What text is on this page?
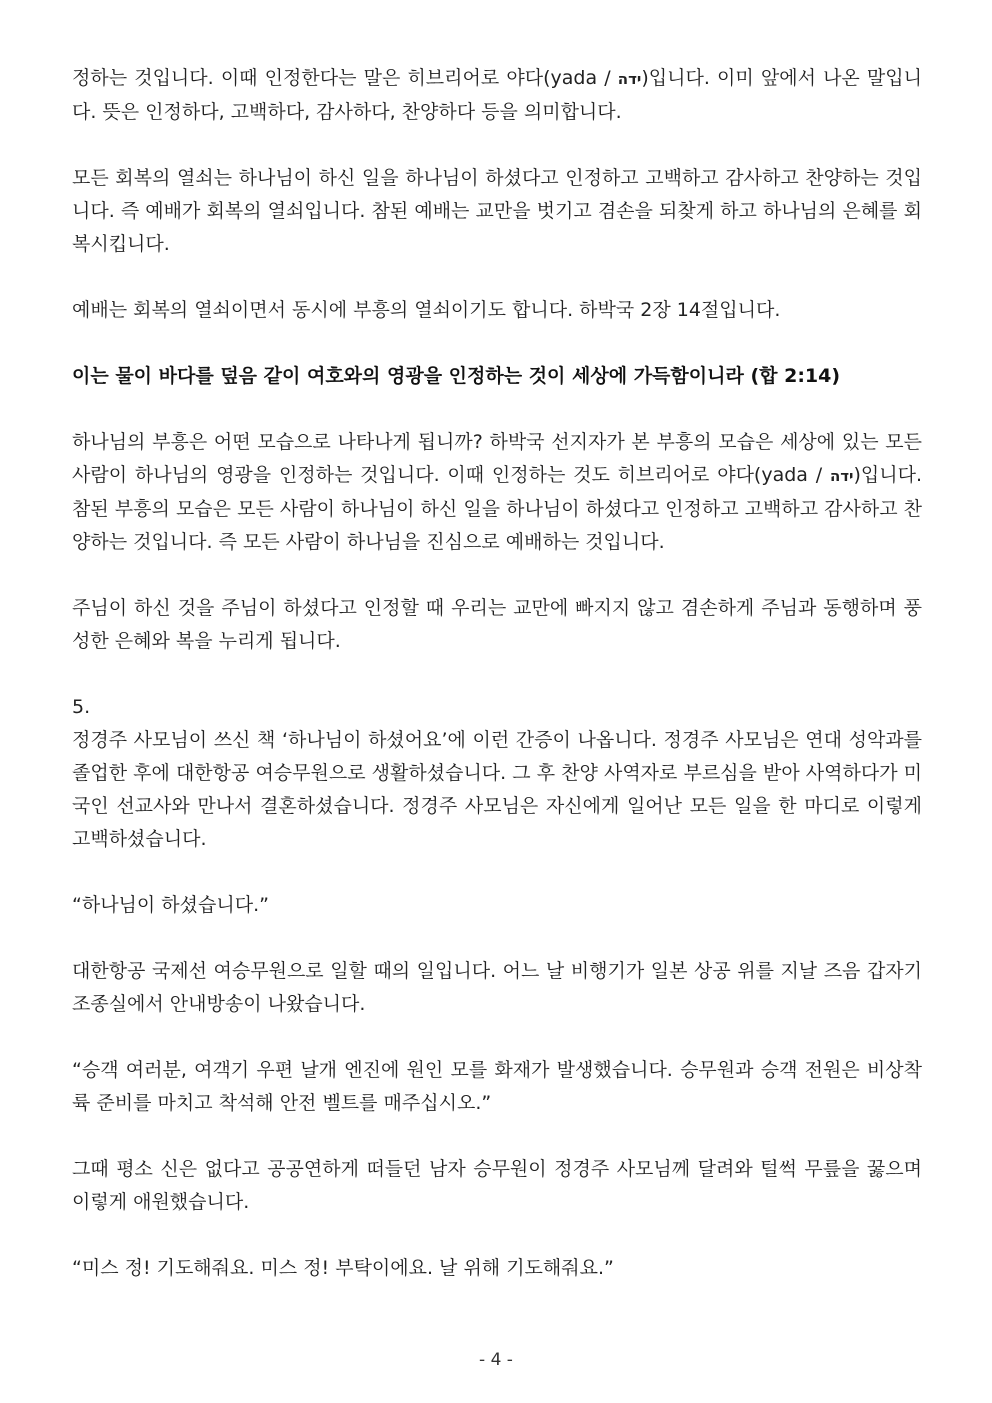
정하는 것입니다. 이때 인정한다는 말은 히브리어로 야다(yada / ידה)입니다. 이미 앞에서 나온 말입니다. 뜻은 인정하다, 고백하다, 감사하다, 찬양하다 등을 의미합니다.

모든 회복의 열쇠는 하나님이 하신 일을 하나님이 하셨다고 인정하고 고백하고 감사하고 찬양하는 것입니다. 즉 예배가 회복의 열쇠입니다. 참된 예배는 교만을 벗기고 겸손을 되찾게 하고 하나님의 은혜를 회복시킵니다.

예배는 회복의 열쇠이면서 동시에 부흥의 열쇠이기도 합니다. 하박국 2장 14절입니다.

이는 물이 바다를 덮음 같이 여호와의 영광을 인정하는 것이 세상에 가득함이니라 (합 2:14)

하나님의 부흥은 어떤 모습으로 나타나게 됩니까? 하박국 선지자가 본 부흥의 모습은 세상에 있는 모든 사람이 하나님의 영광을 인정하는 것입니다. 이때 인정하는 것도 히브리어로 야다(yada / ידה)입니다. 참된 부흥의 모습은 모든 사람이 하나님이 하신 일을 하나님이 하셨다고 인정하고 고백하고 감사하고 찬양하는 것입니다. 즉 모든 사람이 하나님을 진심으로 예배하는 것입니다.

주님이 하신 것을 주님이 하셨다고 인정할 때 우리는 교만에 빠지지 않고 겸손하게 주님과 동행하며 풍성한 은혜와 복을 누리게 됩니다.

5.

정경주 사모님이 쓰신 책 ‘하나님이 하셨어요’에 이런 간증이 나옵니다. 정경주 사모님은 연대 성악과를 졸업한 후에 대한항공 여승무원으로 생활하셨습니다. 그 후 찬양 사역자로 부르심을 받아 사역하다가 미국인 선교사와 만나서 결혼하셨습니다. 정경주 사모님은 자신에게 일어난 모든 일을 한 마디로 이렇게 고백하셨습니다.

“하나님이 하셨습니다.”

대한항공 국제선 여승무원으로 일할 때의 일입니다. 어느 날 비행기가 일본 상공 위를 지날 즈음 갑자기 조종실에서 안내방송이 나왔습니다.

“승객 여러분, 여객기 우편 날개 엔진에 원인 모를 화재가 발생했습니다. 승무원과 승객 전원은 비상착륙 준비를 마치고 착석해 안전 벨트를 매주십시오.”

그때 평소 신은 없다고 공공연하게 떠들던 남자 승무원이 정경주 사모님께 달려와 털썩 무릎을 꿇으며 이렇게 애원했습니다.

“미스 정! 기도해줘요. 미스 정! 부탁이에요. 날 위해 기도해줘요.”

- 4 -
